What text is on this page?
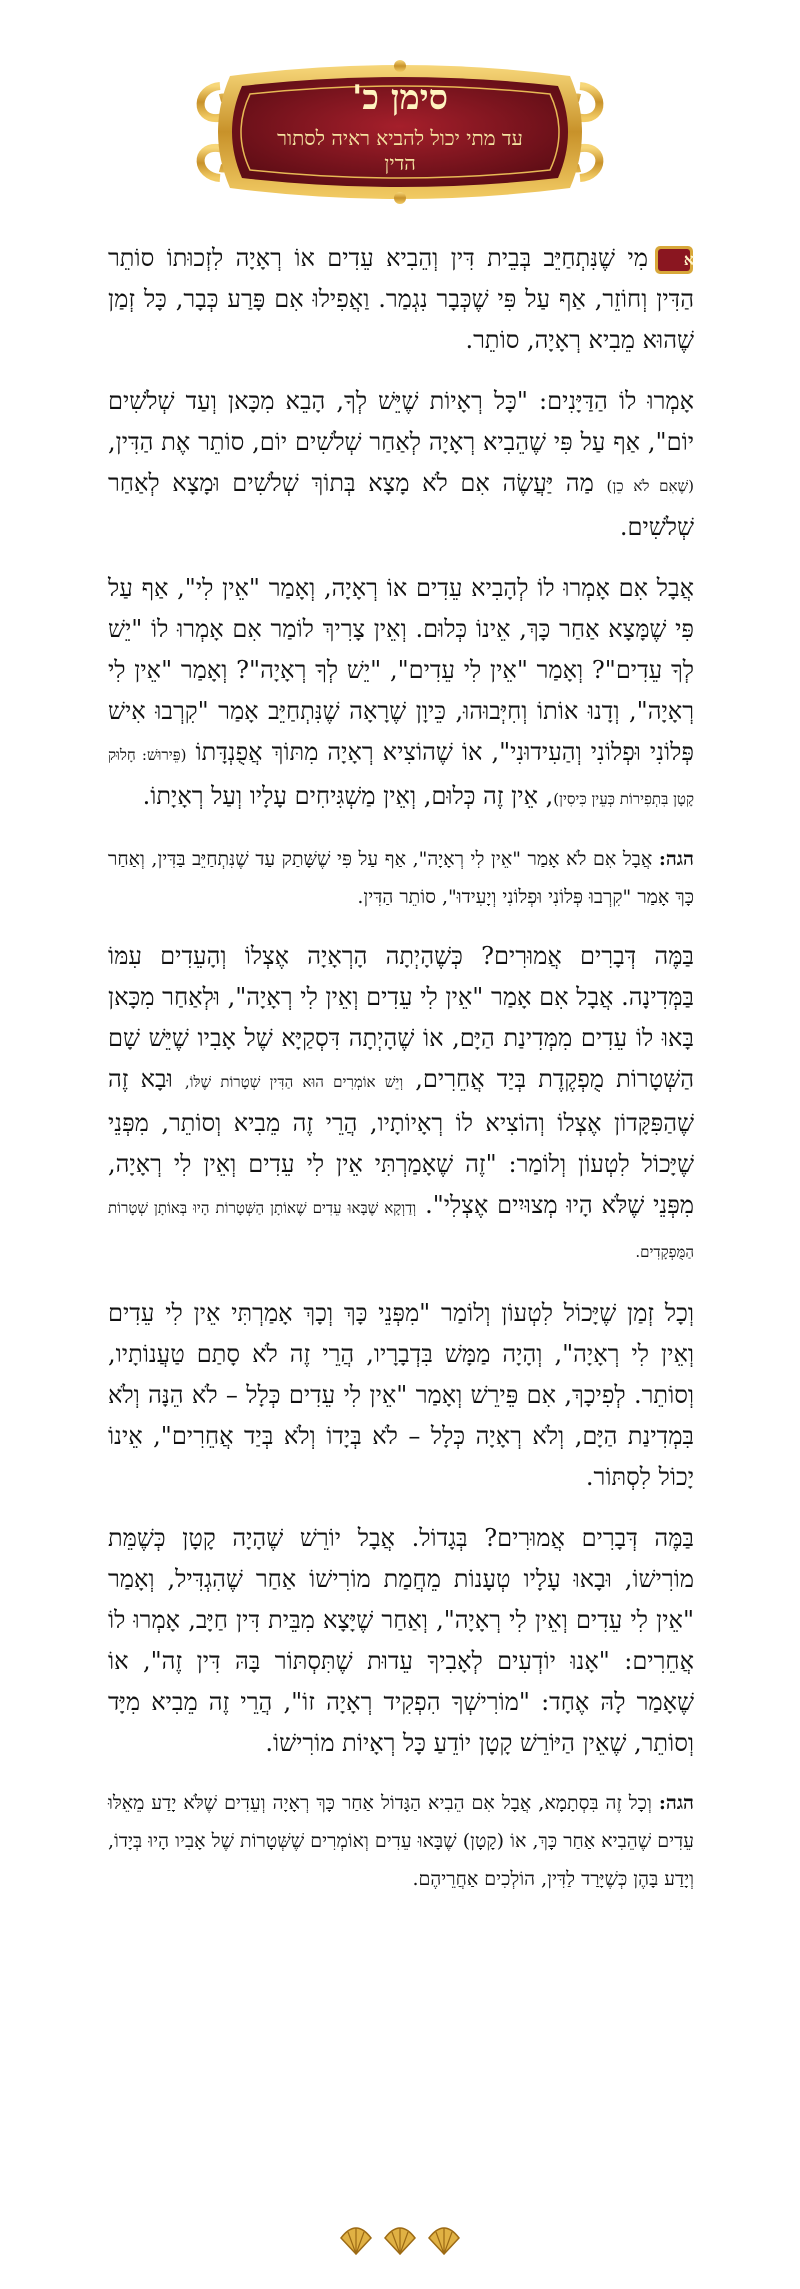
סימן כ'
עד מתי יכול להביא ראיה לסתור הדין

א
מִי שֶׁנִּתְחַיֵּב בְּבֵית דִּין וְהֵבִיא עֵדִים אוֹ רְאָיָה לִזְכוּתוֹ סוֹתֵר הַדִּין וְחוֹזֵר, אַף עַל פִּי שֶׁכְּבָר נִגְמַר. וַאֲפִילוּ אִם פָּרַע כְּבָר, כָּל זְמַן שֶׁהוּא מֵבִיא רְאָיָה, סוֹתֵר.

אָמְרוּ לוֹ הַדַּיָּנִים: "כָּל רְאָיוֹת שֶׁיֵּשׁ לְךָ, הָבֵא מִכָּאן וְעַד שְׁלֹשִׁים יוֹם", אַף עַל פִּי שֶׁהֵבִיא רְאָיָה לְאַחַר שְׁלֹשִׁים יוֹם, סוֹתֵר אֶת הַדִּין, (שֶׁאִם לֹא כֵן) מַה יַּעֲשֶׂה אִם לֹא מָצָא בְּתוֹךְ שְׁלֹשִׁים וּמָצָא לְאַחַר שְׁלֹשִׁים.

אֲבָל אִם אָמְרוּ לוֹ לְהָבִיא עֵדִים אוֹ רְאָיָה, וְאָמַר "אֵין לִי", אַף עַל פִּי שֶׁמָּצָא אַחַר כָּךְ, אֵינוֹ כְּלוּם. וְאֵין צָרִיךְ לוֹמַר אִם אָמְרוּ לוֹ "יֵשׁ לְךָ עֵדִים"? וְאָמַר "אֵין לִי עֵדִים", "יֵשׁ לְךָ רְאָיָה"? וְאָמַר "אֵין לִי רְאָיָה", וְדָנוּ אוֹתוֹ וְחִיְּבוּהוּ, כֵּיוָן שֶׁרָאָה שֶׁנִּתְחַיֵּב אָמַר "קִרְבוּ אִישׁ פְּלוֹנִי וּפְלוֹנִי וְהַעִידוּנִי", אוֹ שֶׁהוֹצִיא רְאָיָה מִתּוֹךְ אֲפֻנְדָּתוֹ (פֵּירוּשׁ: חָלוּק קָטָן בִּתְפִירוֹת כְּעֵין כִּיסִין), אֵין זֶה כְּלוּם, וְאֵין מַשְׁגִּיחִים עָלָיו וְעַל רְאָיָתוֹ.

הגה: אֲבָל אִם לֹא אָמַר "אֵין לִי רְאָיָה", אַף עַל פִּי שֶׁשָּׁתַק עַד שֶׁנִּתְחַיֵּב בַּדִּין, וְאַחַר כָּךְ אָמַר "קִרְבוּ פְּלוֹנִי וּפְלוֹנִי וְיָעִידוּ", סוֹתֵר הַדִּין.

בַּמֶּה דְּבָרִים אֲמוּרִים? כְּשֶׁהָיְתָה הָרְאָיָה אֶצְלוֹ וְהָעֵדִים עִמּוֹ בַּמְּדִינָה. אֲבָל אִם אָמַר "אֵין לִי עֵדִים וְאֵין לִי רְאָיָה", וּלְאַחַר מִכָּאן בָּאוּ לוֹ עֵדִים מִמְּדִינַת הַיָּם, אוֹ שֶׁהָיְתָה דִּסְקַיָּא שֶׁל אָבִיו שֶׁיֵּשׁ שָׁם הַשְּׁטָרוֹת מֻפְקֶדֶת בְּיַד אֲחֵרִים, וְיֵשׁ אוֹמְרִים הוּא הַדִּין שְׁטָרוֹת שֶׁלּוֹ, וּבָא זֶה שֶׁהַפִּקָּדוֹן אֶצְלוֹ וְהוֹצִיא לוֹ רְאָיוֹתָיו, הֲרֵי זֶה מֵבִיא וְסוֹתֵר, מִפְּנֵי שֶׁיָּכוֹל לִטְעוֹן וְלוֹמַר: "זֶה שֶׁאָמַרְתִּי אֵין לִי עֵדִים וְאֵין לִי רְאָיָה, מִפְּנֵי שֶׁלֹּא הָיוּ מְצוּיִים אֶצְלִי". וְדַוְקָא שֶׁבָּאוּ עֵדִים שֶׁאוֹתָן הַשְּׁטָרוֹת הָיוּ בְּאוֹתָן שְׁטָרוֹת הַמֻּפְקָדִים.

וְכָל זְמַן שֶׁיָּכוֹל לִטְעוֹן וְלוֹמַר "מִפְּנֵי כָּךְ וְכָךְ אָמַרְתִּי אֵין לִי עֵדִים וְאֵין לִי רְאָיָה", וְהָיָה מַמָּשׁ בִּדְבָרָיו, הֲרֵי זֶה לֹא סָתַם טַעֲנוֹתָיו, וְסוֹתֵר. לְפִיכָךְ, אִם פֵּירֵשׁ וְאָמַר "אֵין לִי עֵדִים כְּלָל – לֹא הֵנָּה וְלֹא בִּמְדִינַת הַיָּם, וְלֹא רְאָיָה כְּלָל – לֹא בְּיָדוֹ וְלֹא בְּיַד אֲחֵרִים", אֵינוֹ יָכוֹל לִסְתּוֹר.

בַּמֶּה דְּבָרִים אֲמוּרִים? בְּגָדוֹל. אֲבָל יוֹרֵשׁ שֶׁהָיָה קָטָן כְּשֶׁמֵּת מוֹרִישׁוֹ, וּבָאוּ עָלָיו טְעָנוֹת מֵחֲמַת מוֹרִישׁוֹ אַחַר שֶׁהִגְדִּיל, וְאָמַר "אֵין לִי עֵדִים וְאֵין לִי רְאָיָה", וְאַחַר שֶׁיָּצָא מִבֵּית דִּין חַיָּב, אָמְרוּ לוֹ אֲחֵרִים: "אָנוּ יוֹדְעִים לְאָבִיךָ עֵדוּת שֶׁתִּסְתּוֹר בָּהּ דִּין זֶה", אוֹ שֶׁאָמַר לָהּ אֶחָד: "מוֹרִישְׁךָ הִפְקִיד רְאָיָה זוֹ", הֲרֵי זֶה מֵבִיא מִיָּד וְסוֹתֵר, שֶׁאֵין הַיּוֹרֵשׁ קָטָן יוֹדֵעַ כָּל רְאָיוֹת מוֹרִישׁוֹ.

הגה: וְכָל זֶה בִּסְתָמָא, אֲבָל אִם הֵבִיא הַגָּדוֹל אַחַר כָּךְ רְאָיָה וְעֵדִים שֶׁלֹּא יָדַע מֵאֵלּוּ עֵדִים שֶׁהֵבִיא אַחַר כָּךְ, אוֹ (קָטָן) שֶׁבָּאוּ עֵדִים וְאוֹמְרִים שֶׁשְּׁטָרוֹת שֶׁל אָבִיו הָיוּ בְּיָדוֹ, וְיָדַע בָּהֶן כְּשֶׁיָּרַד לַדִּין, הוֹלְכִים אַחֲרֵיהֶם.
